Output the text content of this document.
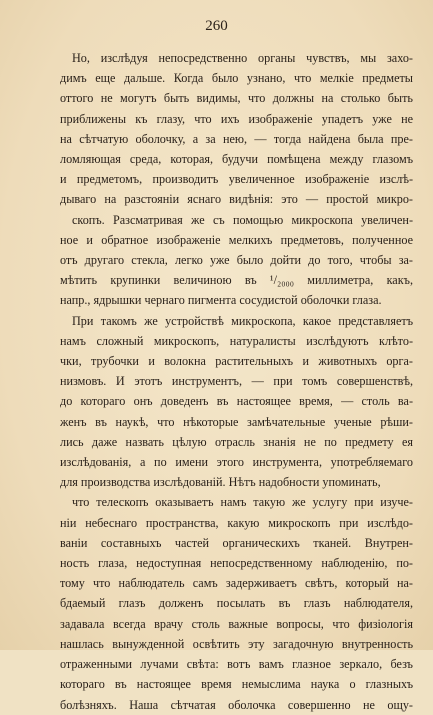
260
Но, изслѣдуя непосредственно органы чувствъ, мы захо-
димъ еще дальше. Когда было узнано, что мелкіе предметы
оттого не могутъ быть видимы, что должны на столько быть
приближены къ глазу, что ихъ изображеніе упадетъ уже не
на сѣтчатую оболочку, а за нею, — тогда найдена была пре-
ломляющая среда, которая, будучи помѣщена между глазомъ
и предметомъ, производитъ увеличенное изображеніе изслѣ-
дываго на разстояніи яснаго видѣнія: это — простой микро-
скопъ. Разсматривая же съ помощью микроскопа увеличен-
ное и обратное изображеніе мелкихъ предметовъ, полученное
отъ другаго стекла, легко уже было дойти до того, чтобы за-
мѣтить крупинки величиною въ ¹/₂₀₀₀ миллиметра, какъ,
напр., ядрышки чернаго пигмента сосудистой оболочки глаза.
При такомъ же устройствѣ микроскопа, какое представляетъ
намъ сложный микроскопъ, натуралисты изслѣдуютъ клѣто-
чки, трубочки и волокна растительныхъ и животныхъ орга-
низмовъ. И этотъ инструментъ, — при томъ совершенствѣ,
до котораго онъ доведенъ въ настоящее время, — столь ва-
женъ въ наукѣ, что нѣкоторые замѣчательные ученые рѣши-
лись даже назвать цѣлую отрасль знанія не по предмету ея
изслѣдованія, а по имени этого инструмента, употребляемаго
для производства изслѣдованій. Нѣтъ надобности упоминать,
что телескопъ оказываетъ намъ такую же услугу при изуче-
ніи небеснаго пространства, какую микроскопъ при изслѣдо-
ваніи составныхъ частей органическихъ тканей. Внутрен-
ность глаза, недоступная непосредственному наблюденію, по-
тому что наблюдатель самъ задерживаетъ свѣтъ, который на-
бдаемый глазъ долженъ посылать въ глазъ наблюдателя,
задавала всегда врачу столь важные вопросы, что физіологія
нашлась вынужденной освѣтить эту загадочную внутренность
отраженными лучами свѣта: вотъ вамъ глазное зеркало, безъ
котораго въ настоящее время немыслима наука о глазныхъ
болѣзняхъ. Наша сѣтчатая оболочка совершенно не ощу-
